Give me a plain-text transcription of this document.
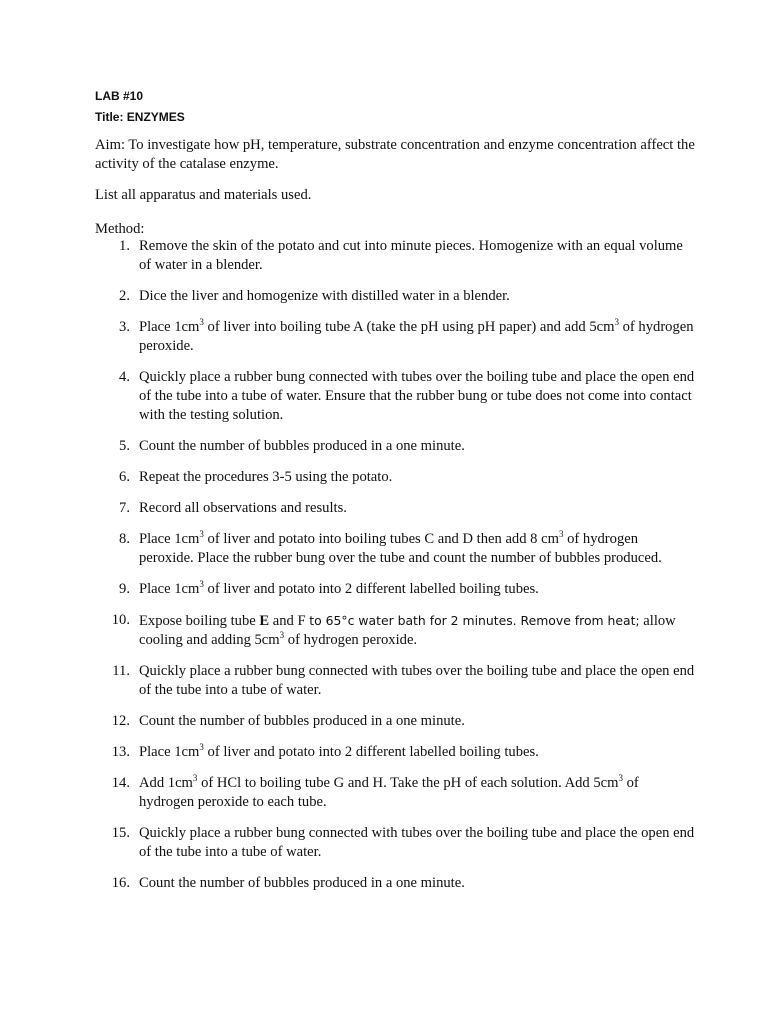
LAB #10

Title: ENZYMES

Aim: To investigate how pH, temperature, substrate concentration and enzyme concentration affect the activity of the catalase enzyme.

List all apparatus and materials used.

Method:

1. Remove the skin of the potato and cut into minute pieces. Homogenize with an equal volume of water in a blender.
2. Dice the liver and homogenize with distilled water in a blender.
3. Place $1cm^3$ of liver into boiling tube A (take the pH using pH paper) and add $5cm^3$ of hydrogen peroxide.
4. Quickly place a rubber bung connected with tubes over the boiling tube and place the open end of the tube into a tube of water. Ensure that the rubber bung or tube does not come into contact with the testing solution.
5. Count the number of bubbles produced in a one minute.
6. Repeat the procedures 3-5 using the potato.
7. Record all observations and results.
8. Place $1cm^3$ of liver and potato into boiling tubes C and D then add 8 $cm^3$ of hydrogen peroxide. Place the rubber bung over the tube and count the number of bubbles produced.
9. Place $1cm^3$ of liver and potato into 2 different labelled boiling tubes.
10. Expose boiling tube E and F to 65°c water bath for 2 minutes. Remove from heat; allow cooling and adding $5cm^3$ of hydrogen peroxide.
11. Quickly place a rubber bung connected with tubes over the boiling tube and place the open end of the tube into a tube of water.
12. Count the number of bubbles produced in a one minute.
13. Place $1cm^3$ of liver and potato into 2 different labelled boiling tubes.
14. Add $1cm^3$ of HCl to boiling tube G and H. Take the pH of each solution. Add $5cm^3$ of hydrogen peroxide to each tube.
15. Quickly place a rubber bung connected with tubes over the boiling tube and place the open end of the tube into a tube of water.
16. Count the number of bubbles produced in a one minute.
